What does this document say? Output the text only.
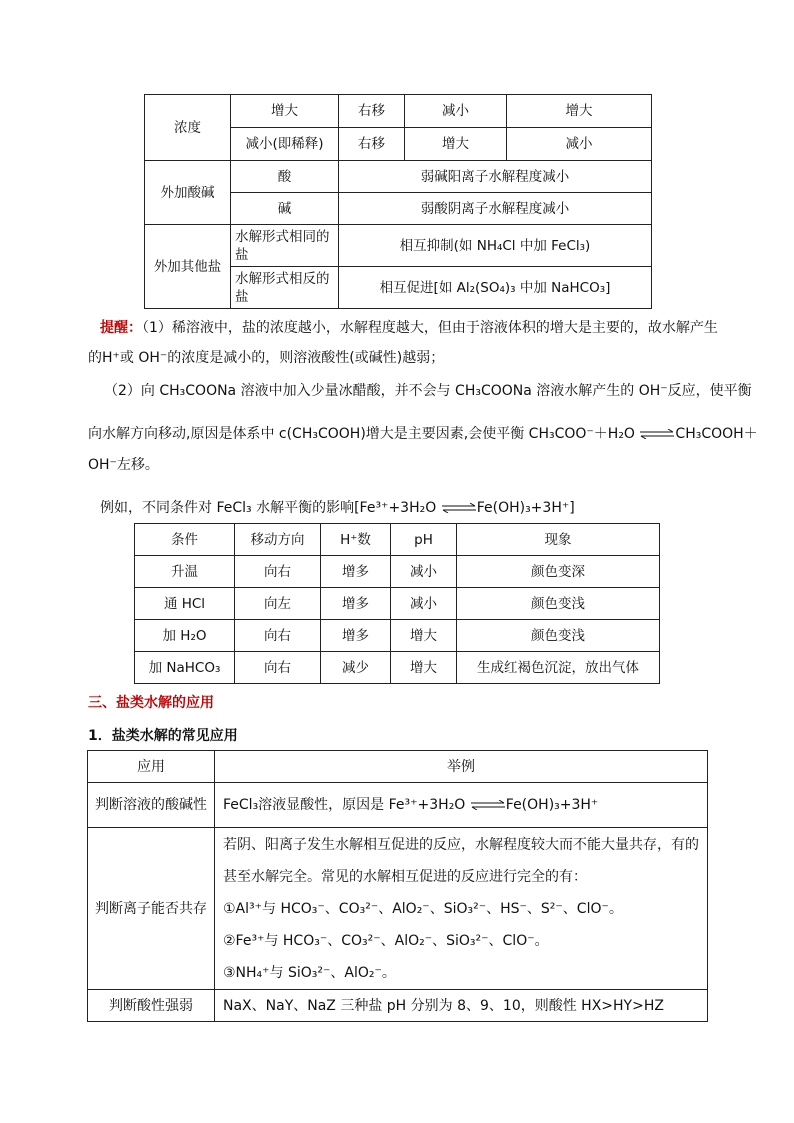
浓度	增大	右移	减小	增大
	减小(即稀释)	右移	增大	减小
外加酸碱	酸	弱碱阳离子水解程度减小		
	碱	弱酸阴离子水解程度减小		
外加其他盐	水解形式相同的盐	相互抑制(如 NH₄Cl 中加 FeCl₃)		
	水解形式相反的盐	相互促进[如 Al₂(SO₄)₃ 中加 NaHCO₃]		
提醒：（1）稀溶液中，盐的浓度越小，水解程度越大，但由于溶液体积的增大是主要的，故水解产生
的H⁺或 OH⁻的浓度是减小的，则溶液酸性(或碱性)越弱；
（2）向 CH₃COONa 溶液中加入少量冰醋酸，并不会与 CH₃COONa 溶液水解产生的 OH⁻反应，使平衡
向水解方向移动,原因是体系中 c(CH₃COOH)增大是主要因素,会使平衡 CH₃COO⁻＋H₂O ⇌CH₃COOH＋
OH⁻左移。
例如，不同条件对 FeCl₃ 水解平衡的影响[Fe³⁺+3H₂O ⇌Fe(OH)₃+3H⁺]
条件	移动方向	H⁺数	pH	现象
升温	向右	增多	减小	颜色变深
通 HCl	向左	增多	减小	颜色变浅
加 H₂O	向右	增多	增大	颜色变浅
加 NaHCO₃	向右	减少	增大	生成红褐色沉淀，放出气体
三、盐类水解的应用
1．盐类水解的常见应用
应用	举例
判断溶液的酸碱性	FeCl₃溶液显酸性，原因是 Fe³⁺+3H₂O ⇌Fe(OH)₃+3H⁺
判断离子能否共存	若阴、阳离子发生水解相互促进的反应，水解程度较大而不能大量共存，有的
甚至水解完全。常见的水解相互促进的反应进行完全的有：
①Al³⁺与 HCO₃⁻、CO₃²⁻、AlO₂⁻、SiO₃²⁻、HS⁻、S²⁻、ClO⁻。
②Fe³⁺与 HCO₃⁻、CO₃²⁻、AlO₂⁻、SiO₃²⁻、ClO⁻。
③NH₄⁺与 SiO₃²⁻、AlO₂⁻。

判断酸性强弱	NaX、NaY、NaZ 三种盐 pH 分别为 8、9、10，则酸性 HX>HY>HZ
